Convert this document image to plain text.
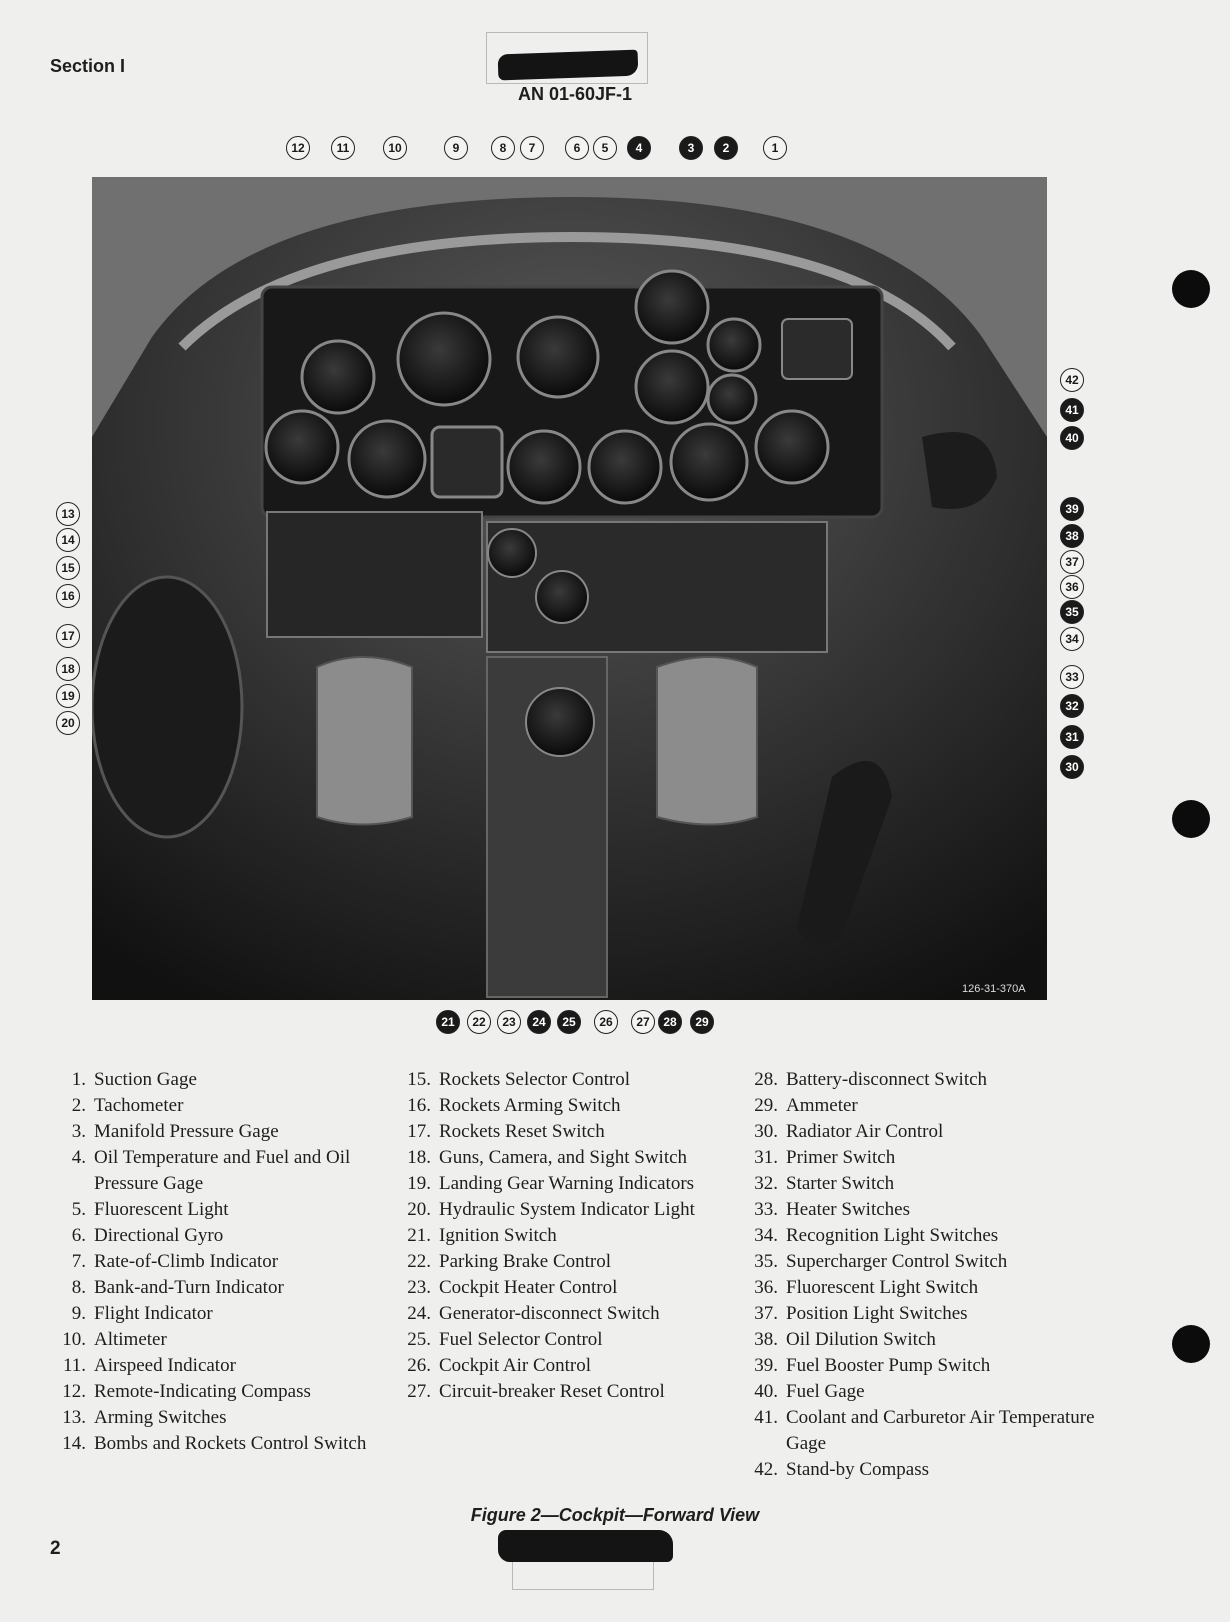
Section I
AN 01-60JF-1
12	11	10	9	8	7	6	5	4	3	2	1
126-31-370A
13
14
15
16
17
18
19
20
42
41
40
39
38
37
36
35
34
33
32
31
30
21	22	23	24	25	26	27	28	29
1. Suction Gage
2. Tachometer
3. Manifold Pressure Gage
4. Oil Temperature and Fuel and Oil Pressure Gage
5. Fluorescent Light
6. Directional Gyro
7. Rate-of-Climb Indicator
8. Bank-and-Turn Indicator
9. Flight Indicator
10. Altimeter
11. Airspeed Indicator
12. Remote-Indicating Compass
13. Arming Switches
14. Bombs and Rockets Control Switch
15. Rockets Selector Control
16. Rockets Arming Switch
17. Rockets Reset Switch
18. Guns, Camera, and Sight Switch
19. Landing Gear Warning Indicators
20. Hydraulic System Indicator Light
21. Ignition Switch
22. Parking Brake Control
23. Cockpit Heater Control
24. Generator-disconnect Switch
25. Fuel Selector Control
26. Cockpit Air Control
27. Circuit-breaker Reset Control
28. Battery-disconnect Switch
29. Ammeter
30. Radiator Air Control
31. Primer Switch
32. Starter Switch
33. Heater Switches
34. Recognition Light Switches
35. Supercharger Control Switch
36. Fluorescent Light Switch
37. Position Light Switches
38. Oil Dilution Switch
39. Fuel Booster Pump Switch
40. Fuel Gage
41. Coolant and Carburetor Air Temperature Gage
42. Stand-by Compass
Figure 2—Cockpit—Forward View
2
